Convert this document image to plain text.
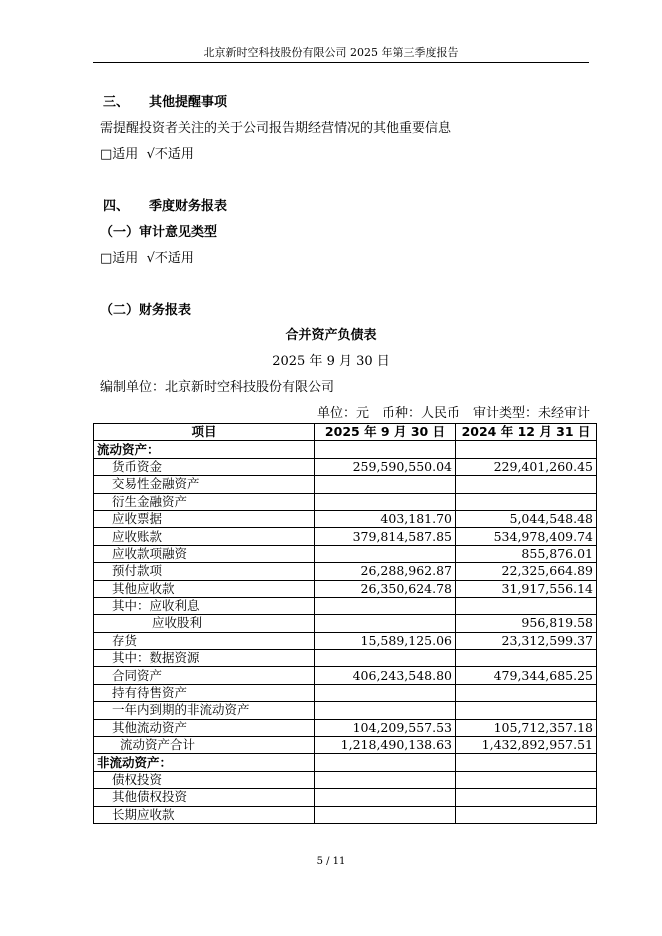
北京新时空科技股份有限公司 2025 年第三季度报告
三、 其他提醒事项
需提醒投资者关注的关于公司报告期经营情况的其他重要信息
□适用 √不适用
四、 季度财务报表
（一）审计意见类型
□适用 √不适用
（二）财务报表
合并资产负债表
2025 年 9 月 30 日
编制单位：北京新时空科技股份有限公司
单位：元　币种：人民币　审计类型：未经审计
项目	2025 年 9 月 30 日	2024 年 12 月 31 日
流动资产：		
货币资金	259,590,550.04	229,401,260.45
交易性金融资产		
衍生金融资产		
应收票据	403,181.70	5,044,548.48
应收账款	379,814,587.85	534,978,409.74
应收款项融资		855,876.01
预付款项	26,288,962.87	22,325,664.89
其他应收款	26,350,624.78	31,917,556.14
其中：应收利息		
应收股利		956,819.58
存货	15,589,125.06	23,312,599.37
其中：数据资源		
合同资产	406,243,548.80	479,344,685.25
持有待售资产		
一年内到期的非流动资产		
其他流动资产	104,209,557.53	105,712,357.18
流动资产合计	1,218,490,138.63	1,432,892,957.51
非流动资产：		
债权投资		
其他债权投资		
长期应收款		
5 / 11
